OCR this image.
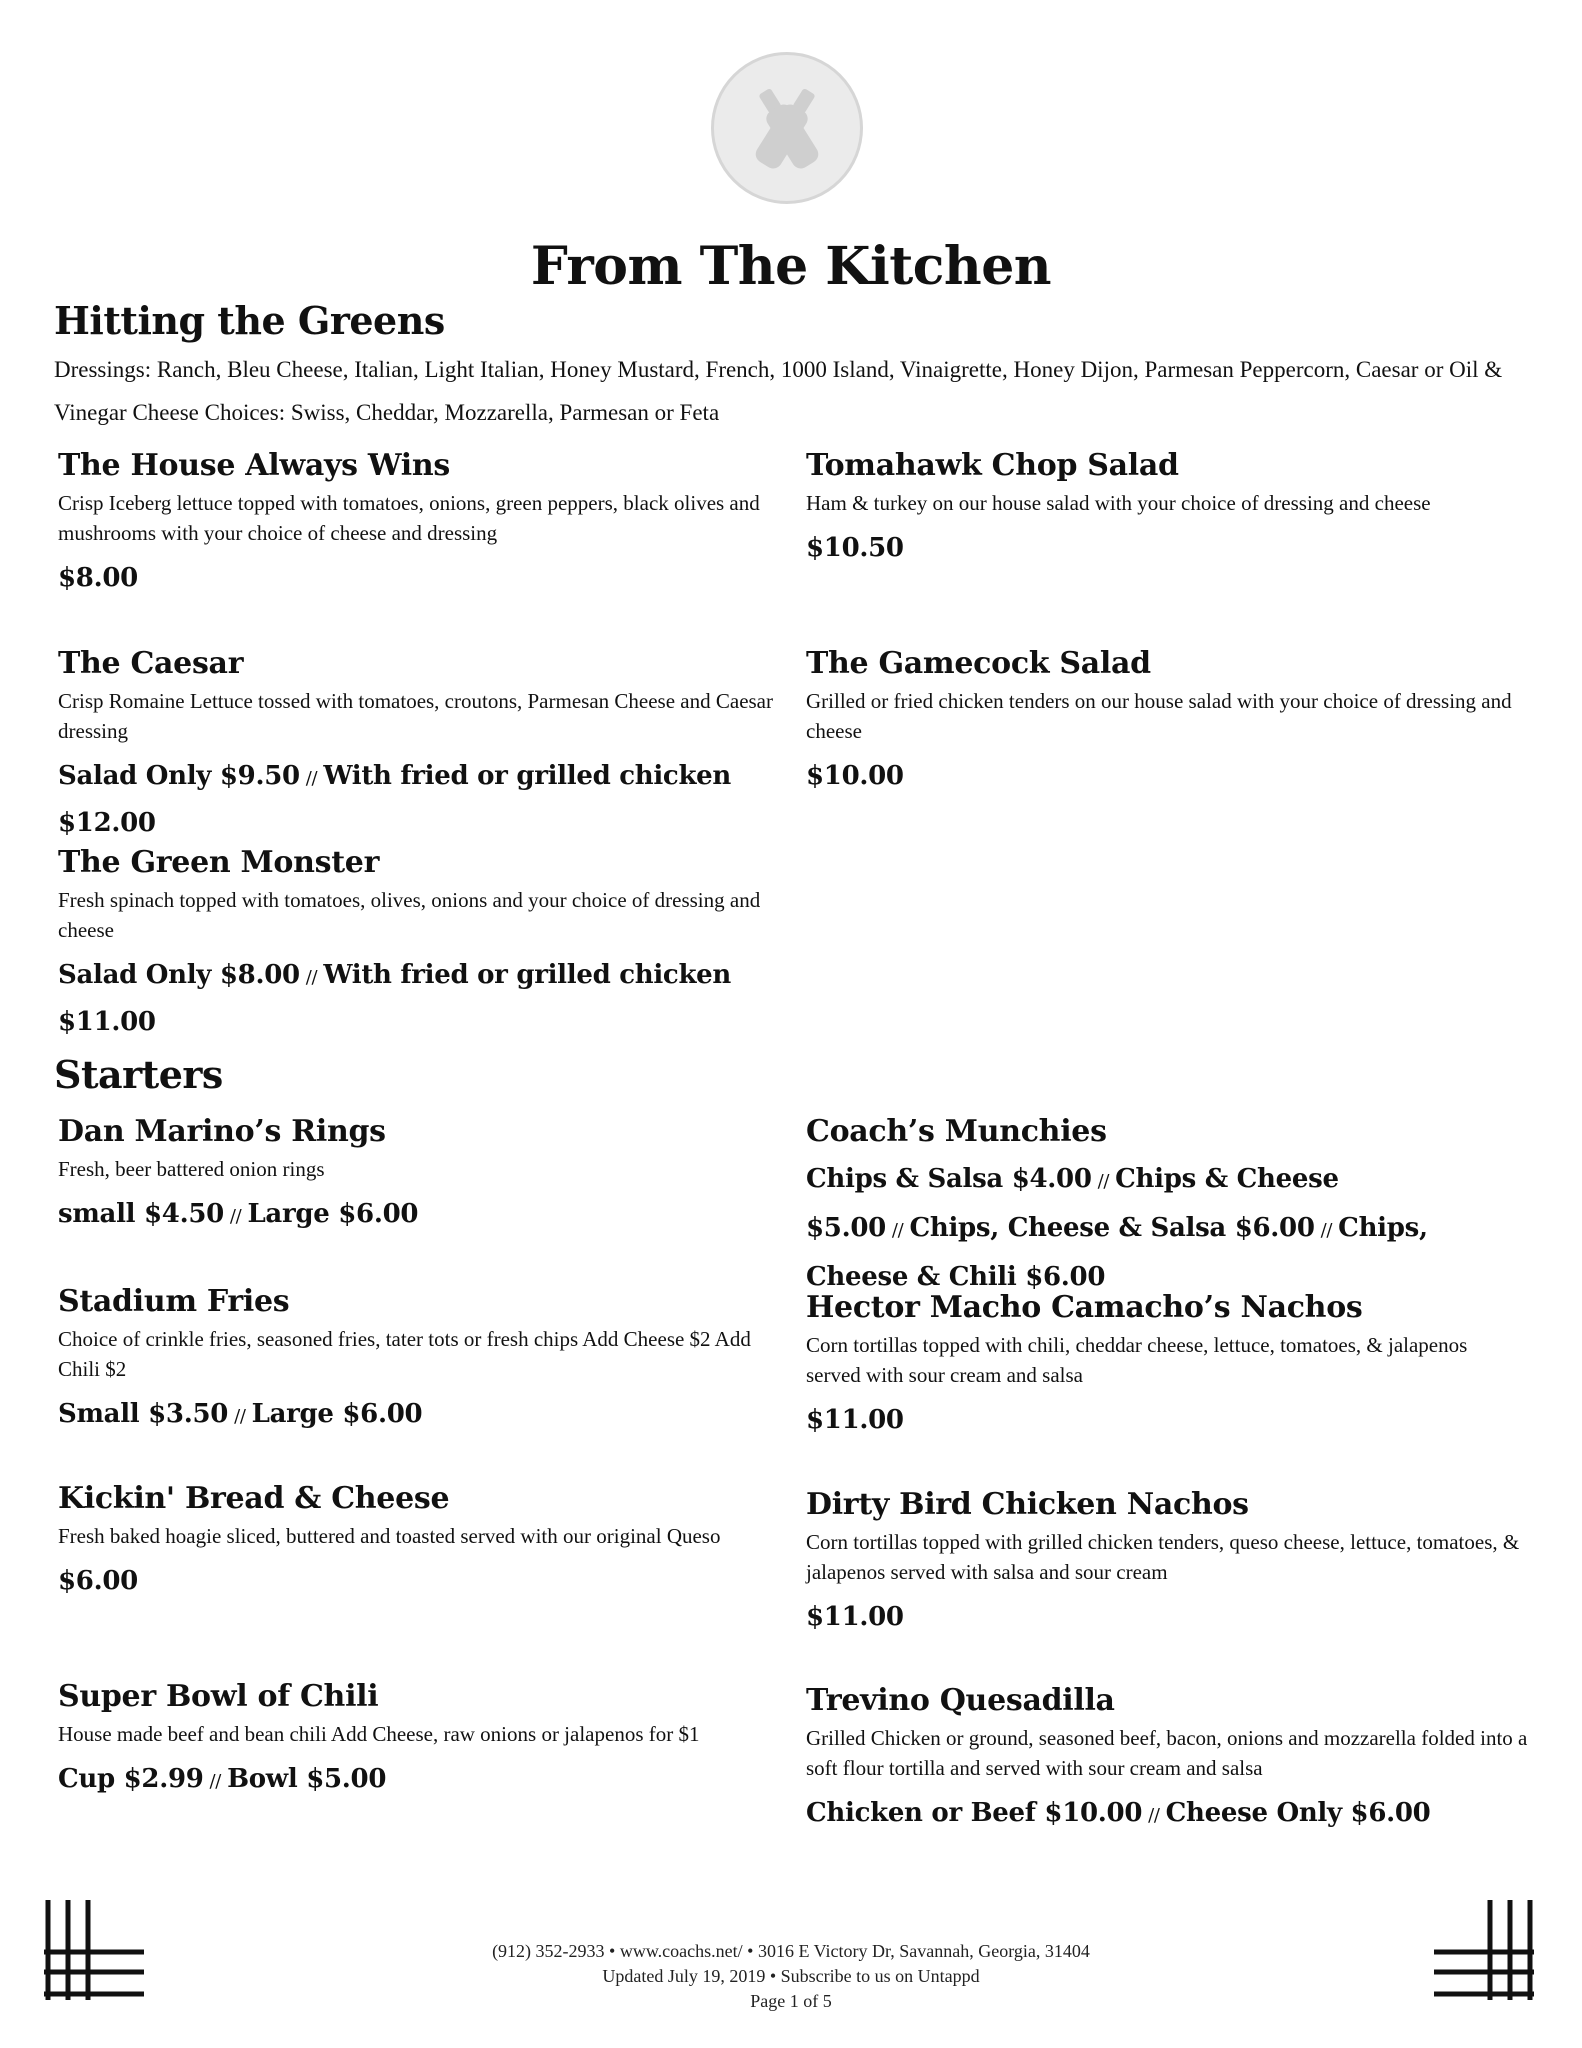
From The Kitchen
Hitting the Greens
Dressings: Ranch, Bleu Cheese, Italian, Light Italian, Honey Mustard, French, 1000 Island, Vinaigrette, Honey Dijon, Parmesan Peppercorn, Caesar or Oil & Vinegar Cheese Choices: Swiss, Cheddar, Mozzarella, Parmesan or Feta
The House Always Wins
Crisp Iceberg lettuce topped with tomatoes, onions, green peppers, black olives and mushrooms with your choice of cheese and dressing
$8.00
Tomahawk Chop Salad
Ham & turkey on our house salad with your choice of dressing and cheese
$10.50
The Caesar
Crisp Romaine Lettuce tossed with tomatoes, croutons, Parmesan Cheese and Caesar dressing
Salad Only $9.50 // With fried or grilled chicken $12.00
The Gamecock Salad
Grilled or fried chicken tenders on our house salad with your choice of dressing and cheese
$10.00
The Green Monster
Fresh spinach topped with tomatoes, olives, onions and your choice of dressing and cheese
Salad Only $8.00 // With fried or grilled chicken $11.00
Starters
Dan Marino’s Rings
Fresh, beer battered onion rings
small $4.50 // Large $6.00
Coach’s Munchies
Chips & Salsa $4.00 // Chips & Cheese $5.00 // Chips, Cheese & Salsa $6.00 // Chips, Cheese & Chili $6.00
Stadium Fries
Choice of crinkle fries, seasoned fries, tater tots or fresh chips Add Cheese $2 Add Chili $2
Small $3.50 // Large $6.00
Hector Macho Camacho’s Nachos
Corn tortillas topped with chili, cheddar cheese, lettuce, tomatoes, & jalapenos served with sour cream and salsa
$11.00
Kickin' Bread & Cheese
Fresh baked hoagie sliced, buttered and toasted served with our original Queso
$6.00
Dirty Bird Chicken Nachos
Corn tortillas topped with grilled chicken tenders, queso cheese, lettuce, tomatoes, & jalapenos served with salsa and sour cream
$11.00
Super Bowl of Chili
House made beef and bean chili Add Cheese, raw onions or jalapenos for $1
Cup $2.99 // Bowl $5.00
Trevino Quesadilla
Grilled Chicken or ground, seasoned beef, bacon, onions and mozzarella folded into a soft flour tortilla and served with sour cream and salsa
Chicken or Beef $10.00 // Cheese Only $6.00
(912) 352-2933 • www.coachs.net/ • 3016 E Victory Dr, Savannah, Georgia, 31404
Updated July 19, 2019 • Subscribe to us on Untappd
Page 1 of 5
